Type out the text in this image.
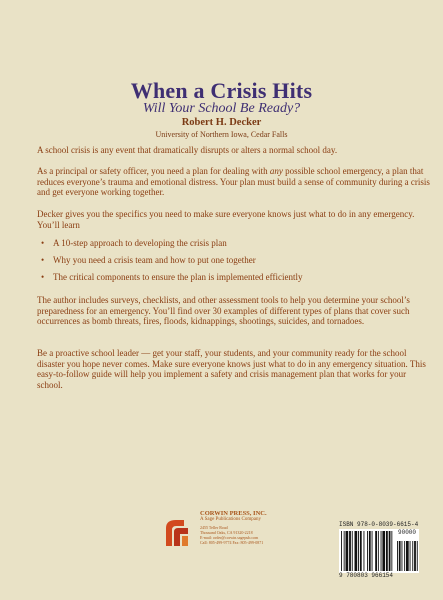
When a Crisis Hits
Will Your School Be Ready?
Robert H. Decker
University of Northern Iowa, Cedar Falls

A school crisis is any event that dramatically disrupts or alters a normal school day.

As a principal or safety officer, you need a plan for dealing with any possible school emergency, a plan that reduces everyone’s trauma and emotional distress. Your plan must build a sense of community during a crisis and get everyone working together.

Decker gives you the specifics you need to make sure everyone knows just what to do in any emergency. You’ll learn

• A 10-step approach to developing the crisis plan
• Why you need a crisis team and how to put one together
• The critical components to ensure the plan is implemented efficiently

The author includes surveys, checklists, and other assessment tools to help you determine your school’s preparedness for an emergency. You’ll find over 30 examples of different types of plans that cover such occurrences as bomb threats, fires, floods, kidnappings, shootings, suicides, and tornadoes.

Be a proactive school leader — get your staff, your students, and your community ready for the school disaster you hope never comes. Make sure everyone knows just what to do in any emergency situation. This easy-to-follow guide will help you implement a safety and crisis management plan that works for your school.

CORWIN PRESS, INC.
A Sage Publications Company
2455 Teller Road
Thousand Oaks, CA 91320-2218
E-mail: order@corwin.sagepub.com
Call: 805-499-9774 Fax: 805-499-0871
ISBN 978-0-8039-6615-4
90000
9 780803 966154
